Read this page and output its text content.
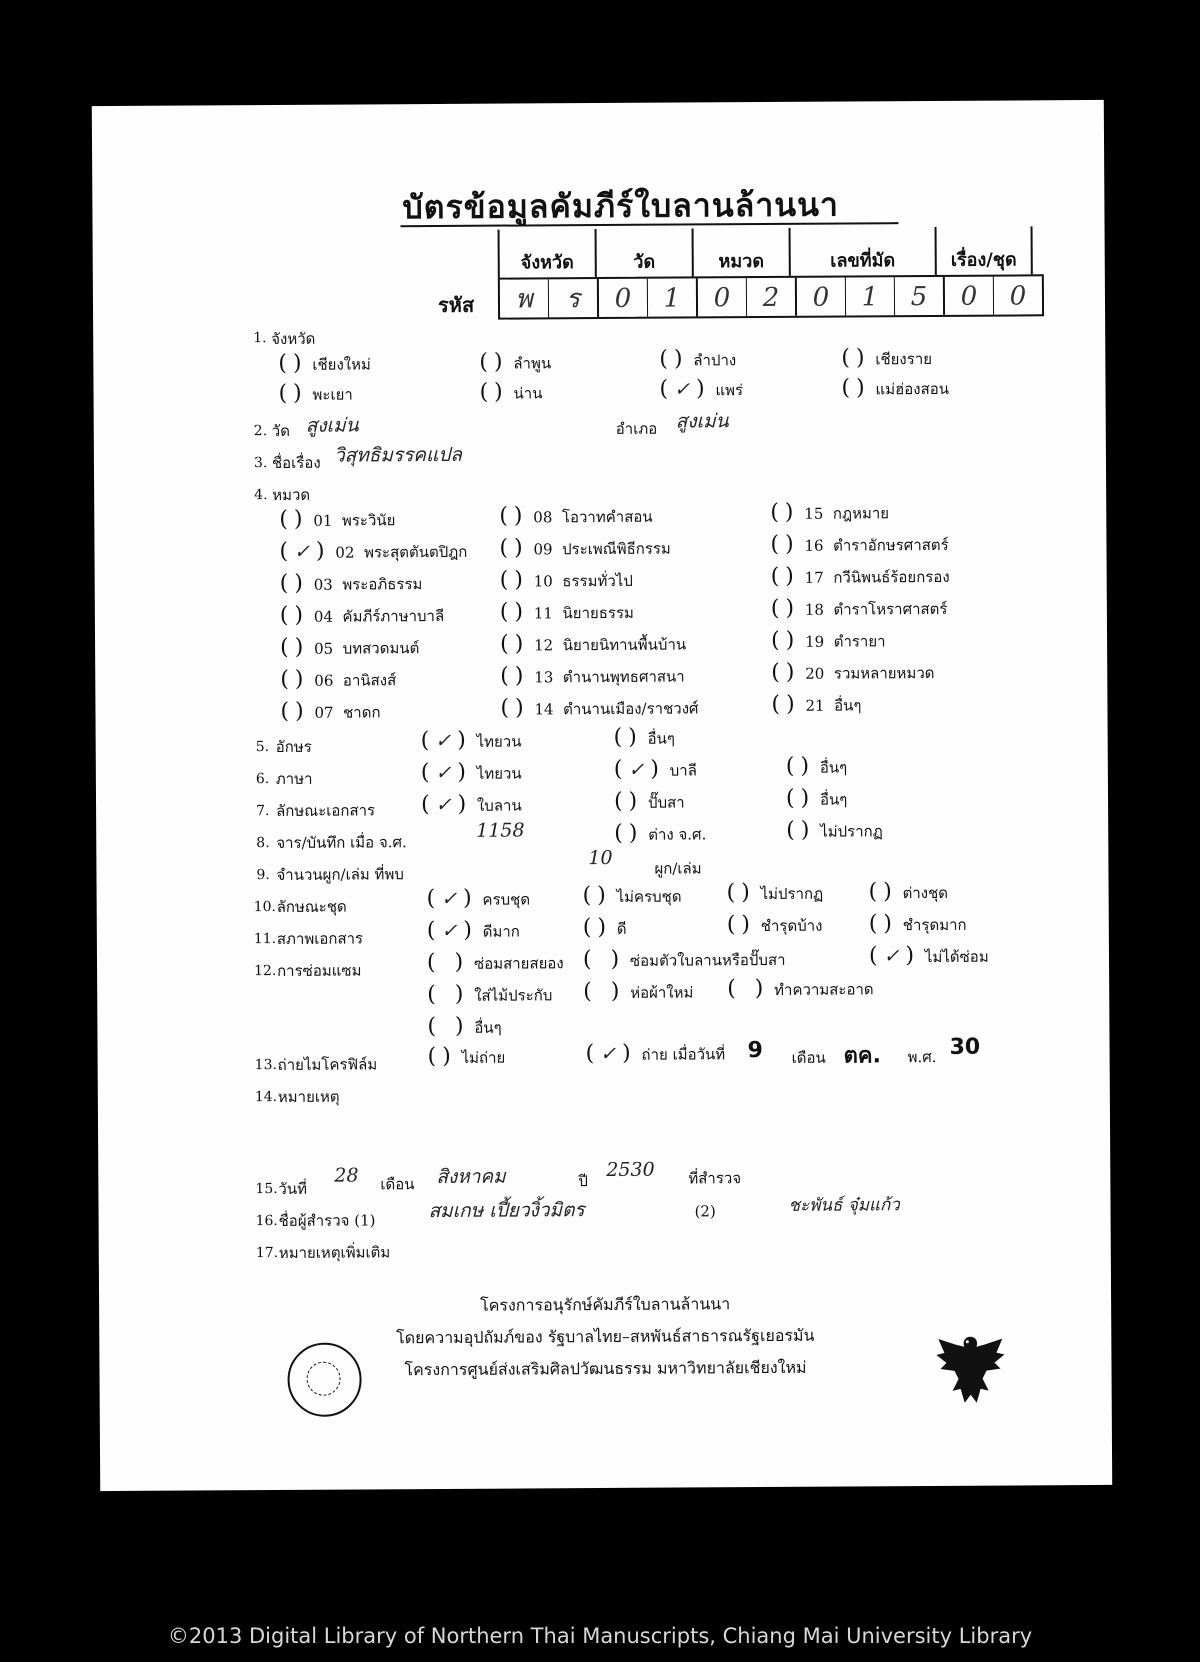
บัตรข้อมูลคัมภีร์ใบลานล้านนา
รหัส
จังหวัด	วัด	หมวด	เลขที่มัด	เรื่อง/ชุด
พ	ร	0	1	0	2	0	1	5	0	0
1. จังหวัด
() เชียงใหม่	() ลำพูน	() ลำปาง	() เชียงราย
() พะเยา	() น่าน	(✓) แพร่	() แม่ฮ่องสอน
2. วัด สูงเม่น	อำเภอ สูงเม่น
3. ชื่อเรื่อง วิสุทธิมรรคแปล
4. หมวด
() 01 พระวินัย
(✓) 02 พระสุตตันตปิฎก
() 03 พระอภิธรรม
() 04 คัมภีร์ภาษาบาลี
() 05 บทสวดมนต์
() 06 อานิสงส์
() 07 ชาดก
() 08 โอวาทคำสอน
() 09 ประเพณีพิธีกรรม
() 10 ธรรมทั่วไป
() 11 นิยายธรรม
() 12 นิยายนิทานพื้นบ้าน
() 13 ตำนานพุทธศาสนา
() 14 ตำนานเมือง/ราชวงศ์
() 15 กฎหมาย
() 16 ตำราอักษรศาสตร์
() 17 กวีนิพนธ์ร้อยกรอง
() 18 ตำราโหราศาสตร์
() 19 ตำรายา
() 20 รวมหลายหมวด
() 21 อื่นๆ
5. อักษร	(✓) ไทยวน	() อื่นๆ
6. ภาษา	(✓) ไทยวน	(✓) บาลี	() อื่นๆ
7. ลักษณะเอกสาร (✓) ใบลาน	() ปั๊บสา	() อื่นๆ
8. จาร/บันทึก เมื่อ จ.ศ.
1158	() ต่าง จ.ศ.	() ไม่ปรากฏ
9. จำนวนผูก/เล่ม ที่พบ
10	ผูก/เล่ม
10. ลักษณะชุด	(✓) ครบชุด () ไม่ครบชุด () ไม่ปรากฏ () ต่างชุด
11. สภาพเอกสาร	(✓) ดีมาก	() ดี	() ชำรุดบ้าง () ชำรุดมาก
12. การซ่อมแซม	( ) ซ่อมสายสยอง ( ) ซ่อมตัวใบลานหรือปั๊บสา	(✓) ไม่ได้ซ่อม
( ) ใส่ไม้ประกับ ( ) ห่อผ้าใหม่ ( ) ทำความสะอาด
( ) อื่นๆ
13. ถ่ายไมโครฟิล์ม () ไม่ถ่าย	(✓) ถ่าย เมื่อวันที่ 9 เดือน ตค. พ.ศ. 30
14. หมายเหตุ
15. วันที่
28 เดือน สิงหาคม	ปี
2530 ที่สำรวจ
16. ชื่อผู้สำรวจ (1)	สมเกษ เปี้ยวงิ้วมิตร	(2)	ชะพันธ์ จุ๋มแก้ว
17. หมายเหตุเพิ่มเติม
โครงการอนุรักษ์คัมภีร์ใบลานล้านนา
โดยความอุปถัมภ์ของ รัฐบาลไทย–สหพันธ์สาธารณรัฐเยอรมัน
โครงการศูนย์ส่งเสริมศิลปวัฒนธรรม มหาวิทยาลัยเชียงใหม่
©2013 Digital Library of Northern Thai Manuscripts, Chiang Mai University Library
